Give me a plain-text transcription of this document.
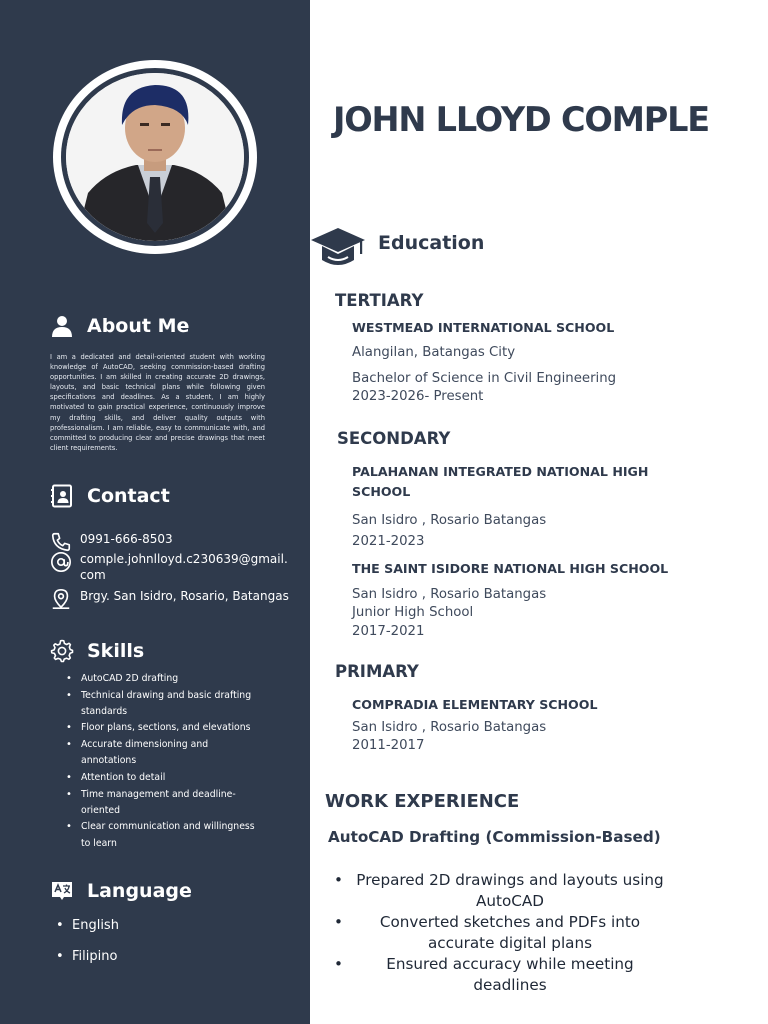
About Me

I am a dedicated and detail-oriented student with working knowledge of AutoCAD, seeking commission-based drafting opportunities. I am skilled in creating accurate 2D drawings, layouts, and basic technical plans while following given specifications and deadlines. As a student, I am highly motivated to gain practical experience, continuously improve my drafting skills, and deliver quality outputs with professionalism. I am reliable, easy to communicate with, and committed to producing clear and precise drawings that meet client requirements.

Contact
0991-666-8503
comple.johnlloyd.c230639@gmail.com
Brgy. San Isidro, Rosario, Batangas
Skills
• AutoCAD 2D drafting
• Technical drawing and basic drafting standards
• Floor plans, sections, and elevations
• Accurate dimensioning and annotations
• Attention to detail
• Time management and deadline-oriented
• Clear communication and willingness to learn
Language
• English
• Filipino
JOHN LLOYD COMPLE
Education
TERTIARY
WESTMEAD INTERNATIONAL SCHOOL
Alangilan, Batangas City
Bachelor of Science in Civil Engineering
2023-2026- Present
SECONDARY
PALAHANAN INTEGRATED NATIONAL HIGH SCHOOL
San Isidro , Rosario Batangas
2021-2023
THE SAINT ISIDORE NATIONAL HIGH SCHOOL
San Isidro , Rosario Batangas
Junior High School
2017-2021
PRIMARY
COMPRADIA ELEMENTARY SCHOOL
San Isidro , Rosario Batangas
2011-2017
WORK EXPERIENCE
AutoCAD Drafting (Commission-Based)
• Prepared 2D drawings and layouts using AutoCAD
• Converted sketches and PDFs into accurate digital plans
• Ensured accuracy while meeting deadlines
